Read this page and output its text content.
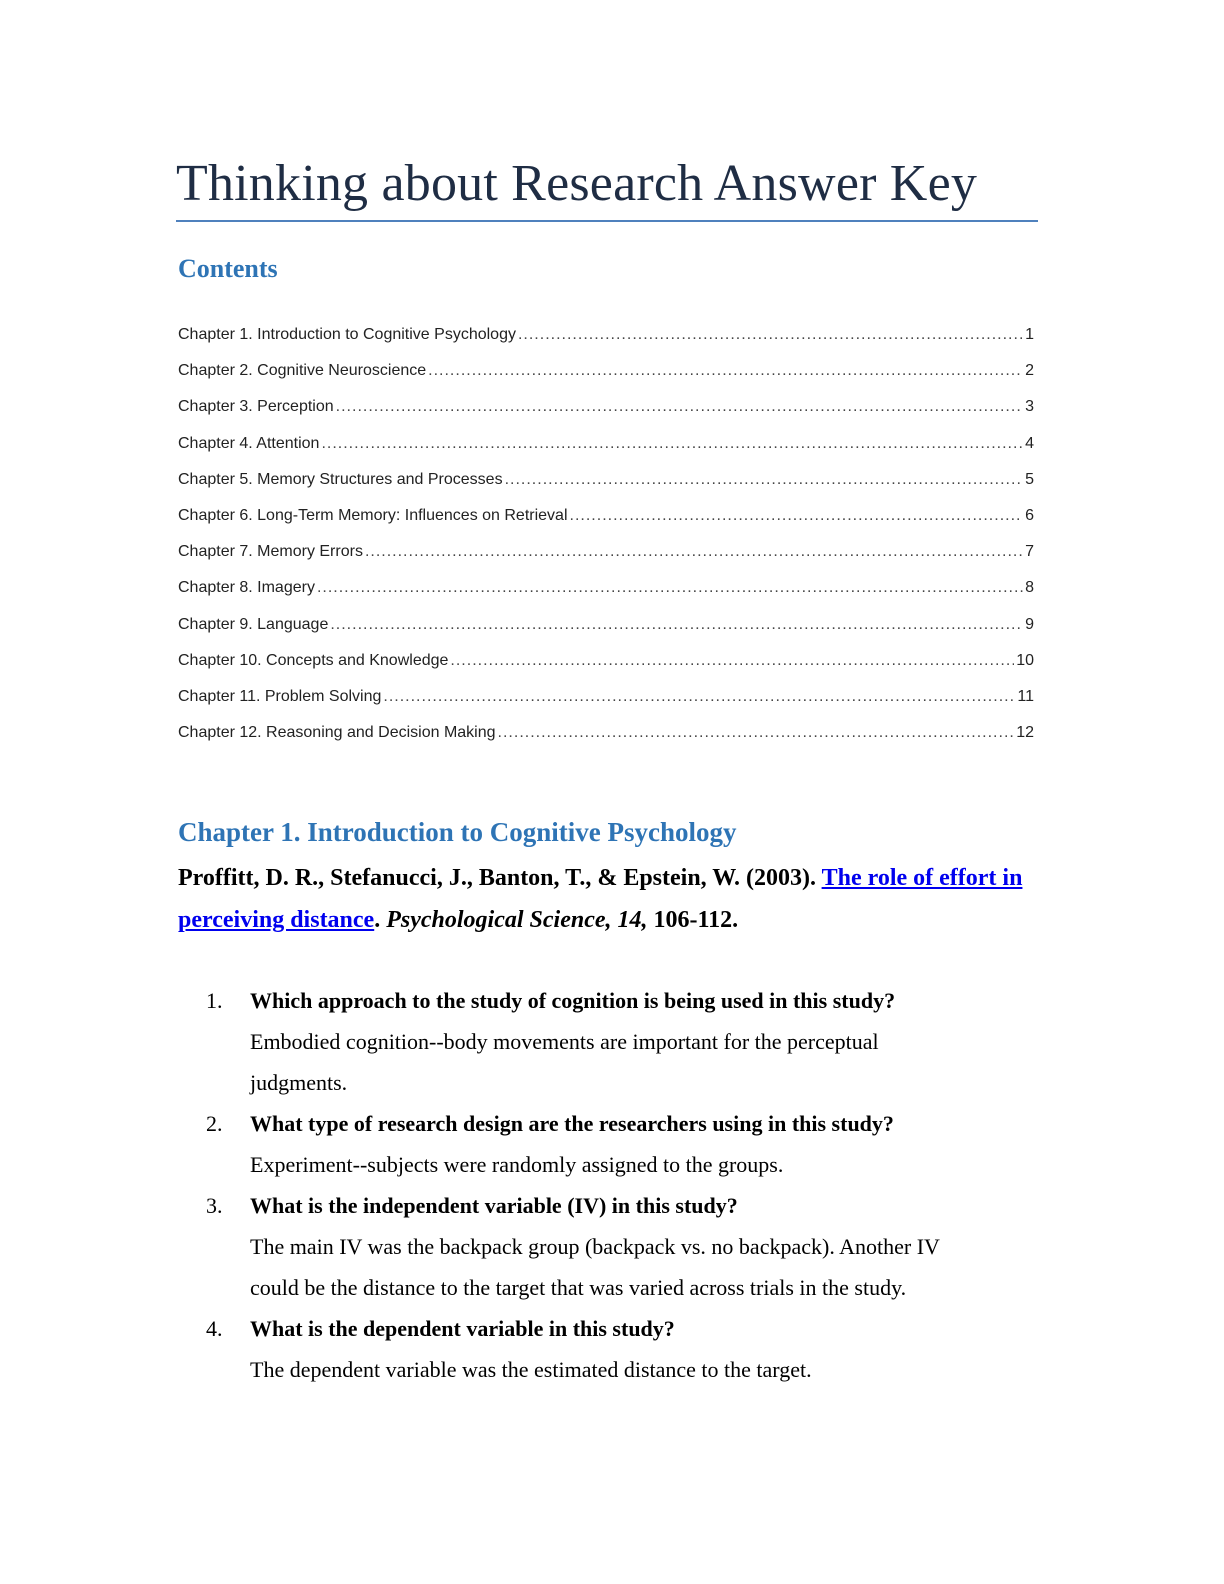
Thinking about Research Answer Key
Contents
Chapter 1. Introduction to Cognitive Psychology .....	1
Chapter 2. Cognitive Neuroscience .....	2
Chapter 3. Perception .....	3
Chapter 4. Attention .....	4
Chapter 5. Memory Structures and Processes .....	5
Chapter 6. Long-Term Memory: Influences on Retrieval .....	6
Chapter 7. Memory Errors .....	7
Chapter 8. Imagery .....	8
Chapter 9. Language .....	9
Chapter 10. Concepts and Knowledge .....	10
Chapter 11. Problem Solving .....	11
Chapter 12. Reasoning and Decision Making .....	12
Chapter 1. Introduction to Cognitive Psychology
Proffitt, D. R., Stefanucci, J., Banton, T., & Epstein, W. (2003). The role of effort in perceiving distance. Psychological Science, 14, 106-112.
1. Which approach to the study of cognition is being used in this study?
Embodied cognition--body movements are important for the perceptual judgments.
2. What type of research design are the researchers using in this study?
Experiment--subjects were randomly assigned to the groups.
3. What is the independent variable (IV) in this study?
The main IV was the backpack group (backpack vs. no backpack). Another IV could be the distance to the target that was varied across trials in the study.
4. What is the dependent variable in this study?
The dependent variable was the estimated distance to the target.
